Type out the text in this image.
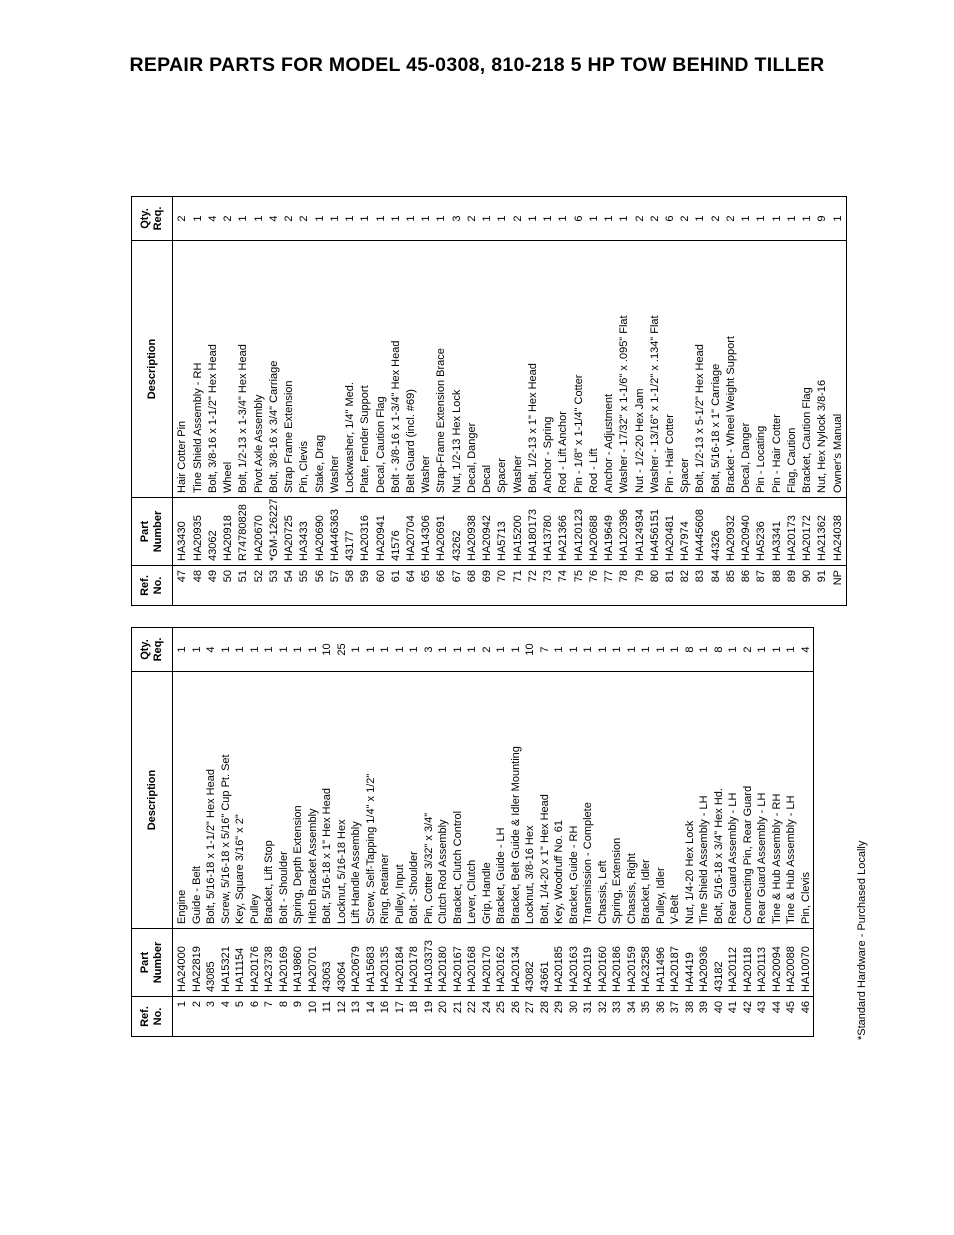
REPAIR PARTS FOR MODEL 45-0308, 810-218 5 HP TOW BEHIND TILLER
Ref.
No.	Part
Number	Description	Qty.
Req.
1	HA24000	Engine	1
2	HA22819	Guide - Belt	1
3	43085	Bolt, 5/16-18 x 1-1/2" Hex Head	4
4	HA15321	Screw, 5/16-18 x 5/16" Cup Pt. Set	1
5	HA11154	Key, Square 3/16" x 2"	1
6	HA20176	Pulley	1
7	HA23738	Bracket, Lift Stop	1
8	HA20169	Bolt - Shoulder	1
9	HA19860	Spring, Depth Extension	1
10	HA20701	Hitch Bracket Assembly	1
11	43063	Bolt, 5/16-18 x 1" Hex Head	10
12	43064	Locknut, 5/16-18 Hex	25
13	HA20679	Lift Handle Assembly	1
14	HA15683	Screw, Self-Tapping 1/4" x 1/2"	1
16	HA20135	Ring, Retainer	1
17	HA20184	Pulley, Input	1
18	HA20178	Bolt - Shoulder	1
19	HA103373	Pin, Cotter 3/32" x 3/4"	3
20	HA20180	Clutch Rod Assembly	1
21	HA20167	Bracket, Clutch Control	1
22	HA20168	Lever, Clutch	1
24	HA20170	Grip, Handle	2
25	HA20162	Bracket, Guide - LH	1
26	HA20134	Bracket, Belt Guide & Idler Mounting	1
27	43082	Locknut, 3/8-16 Hex	10
28	43661	Bolt, 1/4-20 x 1" Hex Head	7
29	HA20185	Key, Woodruff No. 61	1
30	HA20163	Bracket, Guide - RH	1
31	HA20119	Transmission - Complete	1
32	HA20160	Chassis, Left	1
33	HA20186	Spring, Extension	1
34	HA20159	Chassis, Right	1
35	HA23258	Bracket, Idler	1
36	HA11496	Pulley, Idler	1
37	HA20187	V-Belt	1
38	HA4419	Nut, 1/4-20 Hex Lock	8
39	HA20936	Tine Shield Assembly - LH	1
40	43182	Bolt, 5/16-18 x 3/4" Hex Hd.	8
41	HA20112	Rear Guard Assembly - LH	1
42	HA20118	Connecting Pin, Rear Guard	2
43	HA20113	Rear Guard Assembly - LH	1
44	HA20094	Tine & Hub Assembly - RH	1
45	HA20088	Tine & Hub Assembly - LH	1
46	HA10070	Pin, Clevis	4
Ref.
No.	Part
Number	Description	Qty.
Req.
47	HA3430	Hair Cotter Pin	2
48	HA20935	Tine Shield Assembly - RH	1
49	43062	Bolt, 3/8-16 x 1-1/2" Hex Head	4
50	HA20918	Wheel	2
51	R74780828	Bolt, 1/2-13 x 1-3/4" Hex Head	1
52	HA20670	Pivot Axle Assembly	1
53	*GM-126227	Bolt, 3/8-16 x 3/4" Carriage	4
54	HA20725	Strap Frame Extension	2
55	HA3433	Pin, Clevis	2
56	HA20690	Stake, Drag	1
57	HA446363	Washer	1
58	43177	Lockwasher, 1/4" Med.	1
59	HA20316	Plate, Fender Support	1
60	HA20941	Decal, Caution Flag	1
61	41576	Bolt - 3/8-16 x 1-3/4" Hex Head	1
64	HA20704	Belt Guard (incl. #69)	1
65	HA14306	Washer	1
66	HA20691	Strap-Frame Extension Brace	1
67	43262	Nut, 1/2-13 Hex Lock	3
68	HA20938	Decal, Danger	2
69	HA20942	Decal	1
70	HA5713	Spacer	1
71	HA15200	Washer	2
72	HA180173	Bolt, 1/2-13 x 1" Hex Head	1
73	HA13780	Anchor - Spring	1
74	HA21366	Rod - Lift Anchor	1
75	HA120123	Pin - 1/8" x 1-1/4" Cotter	6
76	HA20688	Rod - Lift	1
77	HA19649	Anchor - Adjustment	1
78	HA120396	Washer - 17/32" x 1-1/6" x .095" Flat	1
79	HA124934	Nut - 1/2-20 Hex Jam	2
80	HA456151	Washer - 13/16" x 1-1/2" x .134" Flat	2
81	HA20481	Pin - Hair Cotter	6
82	HA7974	Spacer	2
83	HA445608	Bolt, 1/2-13 x 5-1/2" Hex Head	1
84	44326	Bolt, 5/16-18 x 1" Carriage	2
85	HA20932	Bracket - Wheel Weight Support	2
86	HA20940	Decal, Danger	1
87	HA5236	Pin - Locating	1
88	HA3341	Pin - Hair Cotter	1
89	HA20173	Flag, Caution	1
90	HA20172	Bracket, Caution Flag	1
91	HA21362	Nut, Hex Nylock 3/8-16	9
NP	HA24038	Owner's Manual	1
*Standard Hardware - Purchased Locally
